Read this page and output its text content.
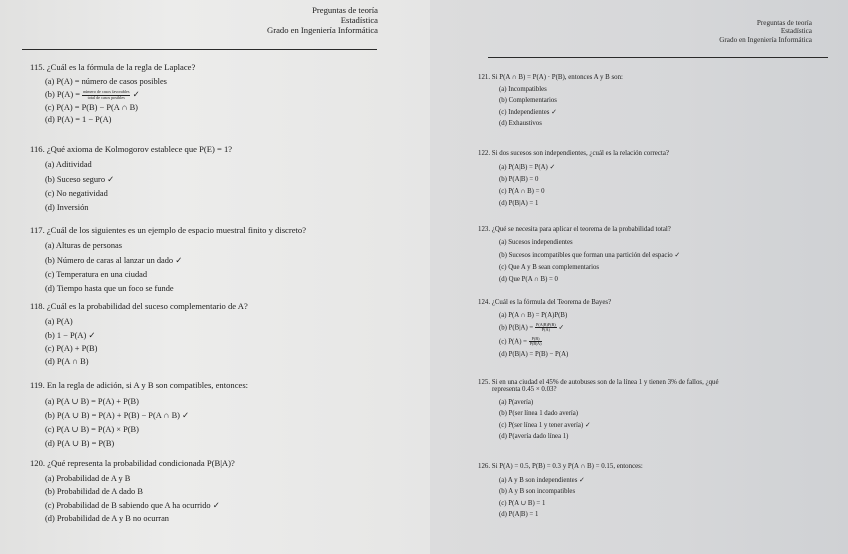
Preguntas de teoría
Estadística
Grado en Ingeniería Informática
115. ¿Cuál es la fórmula de la regla de Laplace?
(a) P(A) = número de casos posibles
(b) $P(A) = \frac{\text{número de casos favorables}}{\text{total de casos posibles}}$ ✓
(c) P(A) = P(B) − P(A ∩ B)
(d) P(A) = 1 − P(A)
116. ¿Qué axioma de Kolmogorov establece que P(E) = 1?
(a) Aditividad
(b) Suceso seguro ✓
(c) No negatividad
(d) Inversión
117. ¿Cuál de los siguientes es un ejemplo de espacio muestral finito y discreto?
(a) Alturas de personas
(b) Número de caras al lanzar un dado ✓
(c) Temperatura en una ciudad
(d) Tiempo hasta que un foco se funde
118. ¿Cuál es la probabilidad del suceso complementario de A?
(a) P(A)
(b) 1 − P(A) ✓
(c) P(A) + P(B)
(d) P(A ∩ B)
119. En la regla de adición, si A y B son compatibles, entonces:
(a) P(A ∪ B) = P(A) + P(B)
(b) P(A ∪ B) = P(A) + P(B) − P(A ∩ B) ✓
(c) P(A ∪ B) = P(A) × P(B)
(d) P(A ∪ B) = P(B)
120. ¿Qué representa la probabilidad condicionada P(B|A)?
(a) Probabilidad de A y B
(b) Probabilidad de A dado B
(c) Probabilidad de B sabiendo que A ha ocurrido ✓
(d) Probabilidad de A y B no ocurran
Preguntas de teoría
Estadística
Grado en Ingeniería Informática
121. Si P(A ∩ B) = P(A) · P(B), entonces A y B son:
(a) Incompatibles
(b) Complementarios
(c) Independientes ✓
(d) Exhaustivos
122. Si dos sucesos son independientes, ¿cuál es la relación correcta?
(a) P(A|B) = P(A) ✓
(b) P(A|B) = 0
(c) P(A ∩ B) = 0
(d) P(B|A) = 1
123. ¿Qué se necesita para aplicar el teorema de la probabilidad total?
(a) Sucesos independientes
(b) Sucesos incompatibles que forman una partición del espacio ✓
(c) Que A y B sean complementarios
(d) Que P(A ∩ B) = 0
124. ¿Cuál es la fórmula del Teorema de Bayes?
(a) P(A ∩ B) = P(A)P(B)
(b) $P(B|A) = \frac{P(A|B)P(B)}{P(A)}$ ✓
(c) $P(A) = \frac{P(B)}{P(B|A)}$
(d) P(B|A) = P(B) − P(A)
125. Si en una ciudad el 45% de autobuses son de la línea 1 y tienen 3% de fallos, ¿qué
representa 0.45 × 0.03?
(a) P(avería)
(b) P(ser línea 1 dado avería)
(c) P(ser línea 1 y tener avería) ✓
(d) P(avería dado línea 1)
126. Si P(A) = 0.5, P(B) = 0.3 y P(A ∩ B) = 0.15, entonces:
(a) A y B son independientes ✓
(b) A y B son incompatibles
(c) P(A ∪ B) = 1
(d) P(A|B) = 1
